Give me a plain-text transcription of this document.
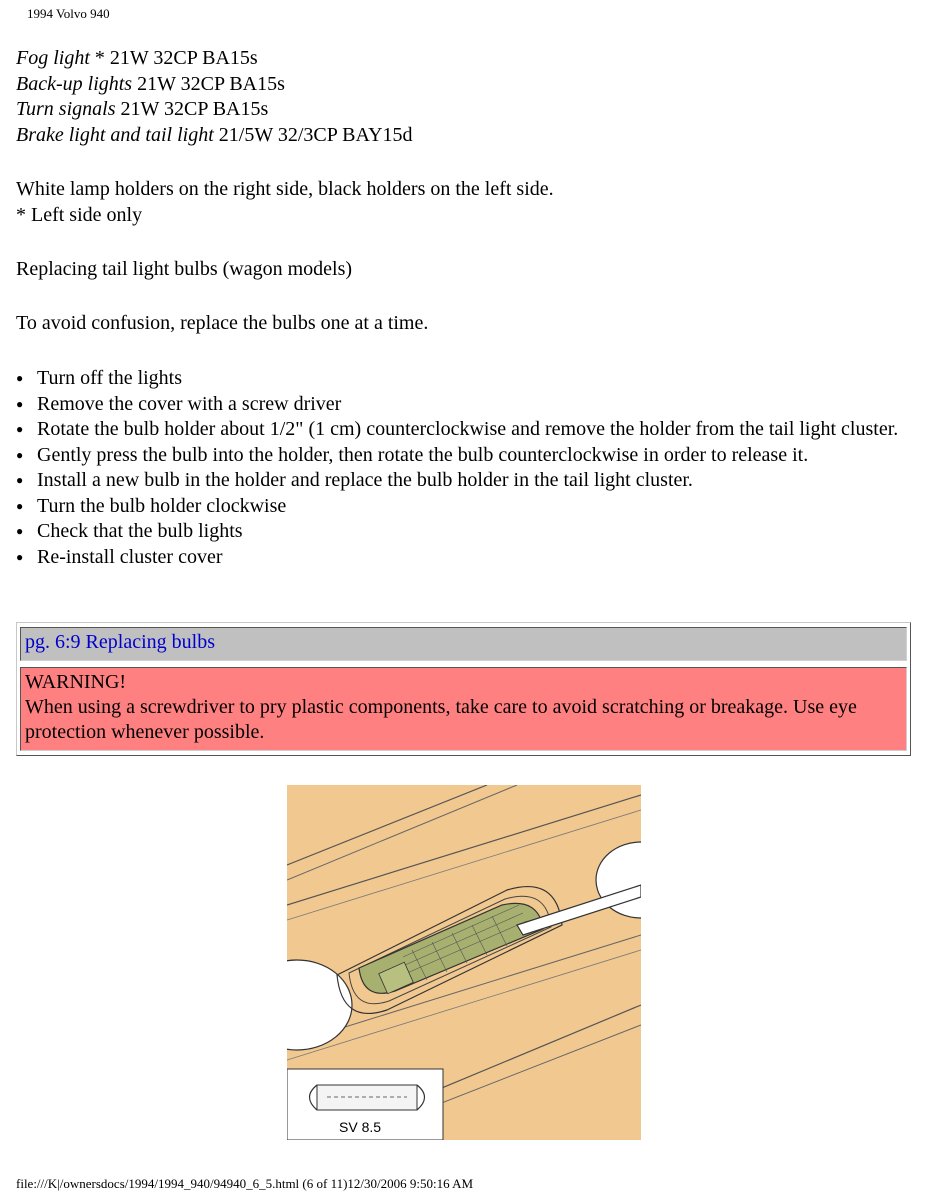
1994 Volvo 940
Fog light * 21W 32CP BA15s
Back-up lights 21W 32CP BA15s
Turn signals 21W 32CP BA15s
Brake light and tail light 21/5W 32/3CP BAY15d
White lamp holders on the right side, black holders on the left side.
* Left side only
Replacing tail light bulbs (wagon models)
To avoid confusion, replace the bulbs one at a time.
● Turn off the lights
● Remove the cover with a screw driver
● Rotate the bulb holder about 1/2" (1 cm) counterclockwise and remove the holder from the tail light cluster.
● Gently press the bulb into the holder, then rotate the bulb counterclockwise in order to release it.
● Install a new bulb in the holder and replace the bulb holder in the tail light cluster.
● Turn the bulb holder clockwise
● Check that the bulb lights
● Re-install cluster cover
pg. 6:9 Replacing bulbs
WARNING!
When using a screwdriver to pry plastic components, take care to avoid scratching or breakage. Use eye protection whenever possible.
SV 8.5
file:///K|/ownersdocs/1994/1994_940/94940_6_5.html (6 of 11)12/30/2006 9:50:16 AM
